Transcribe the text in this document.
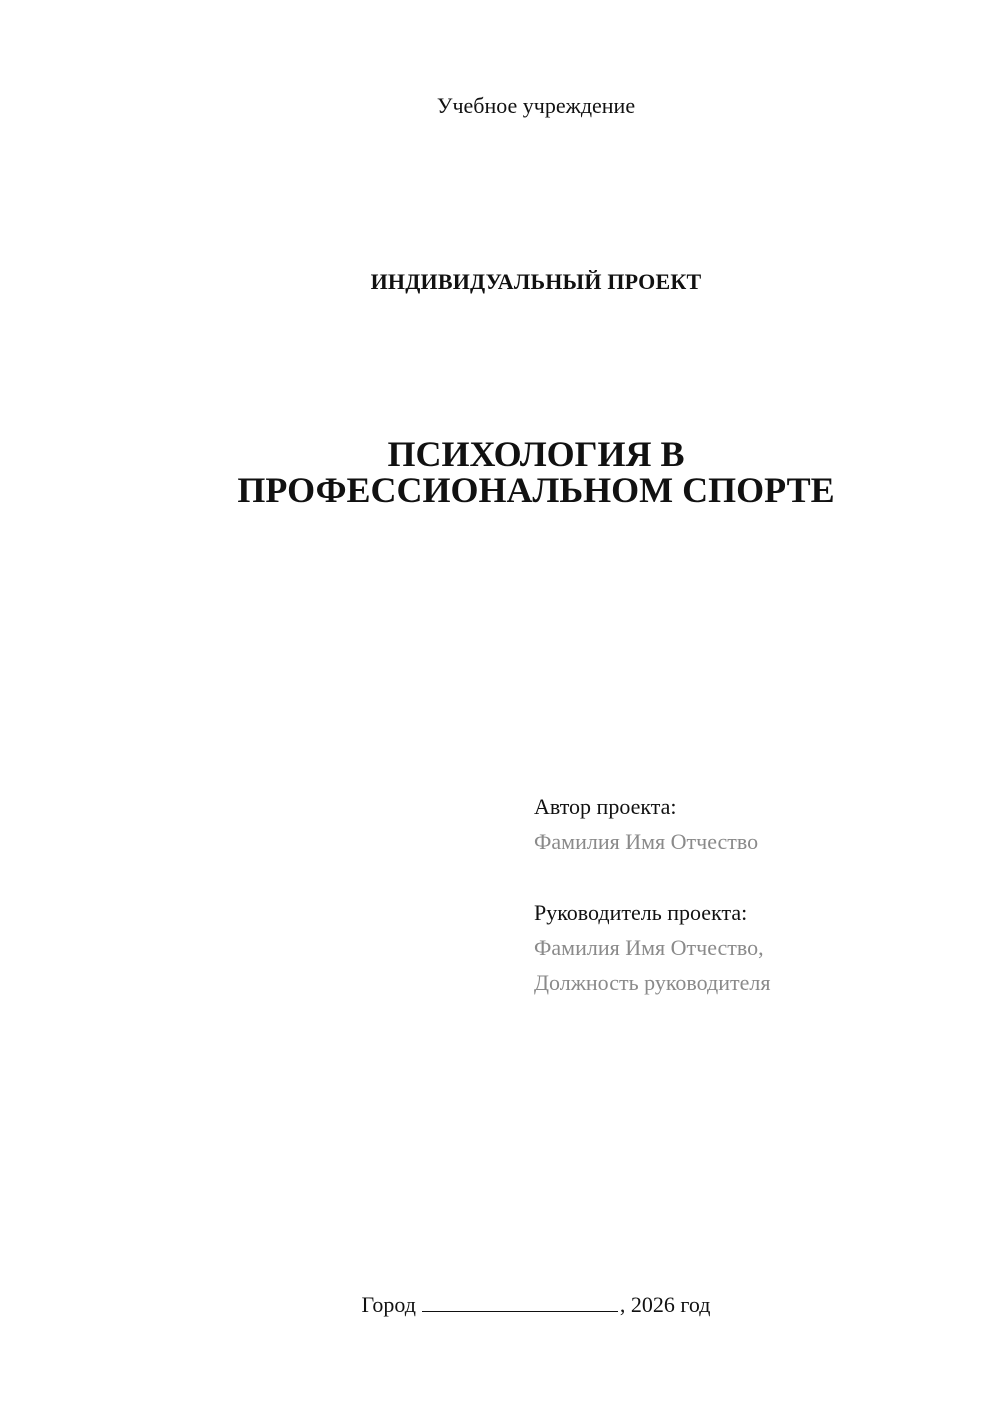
Учебное учреждение
ИНДИВИДУАЛЬНЫЙ ПРОЕКТ
ПСИХОЛОГИЯ В
ПРОФЕССИОНАЛЬНОМ СПОРТЕ
Автор проекта:
Фамилия Имя Отчество
Руководитель проекта:
Фамилия Имя Отчество,
Должность руководителя
Город	, 2026 год
